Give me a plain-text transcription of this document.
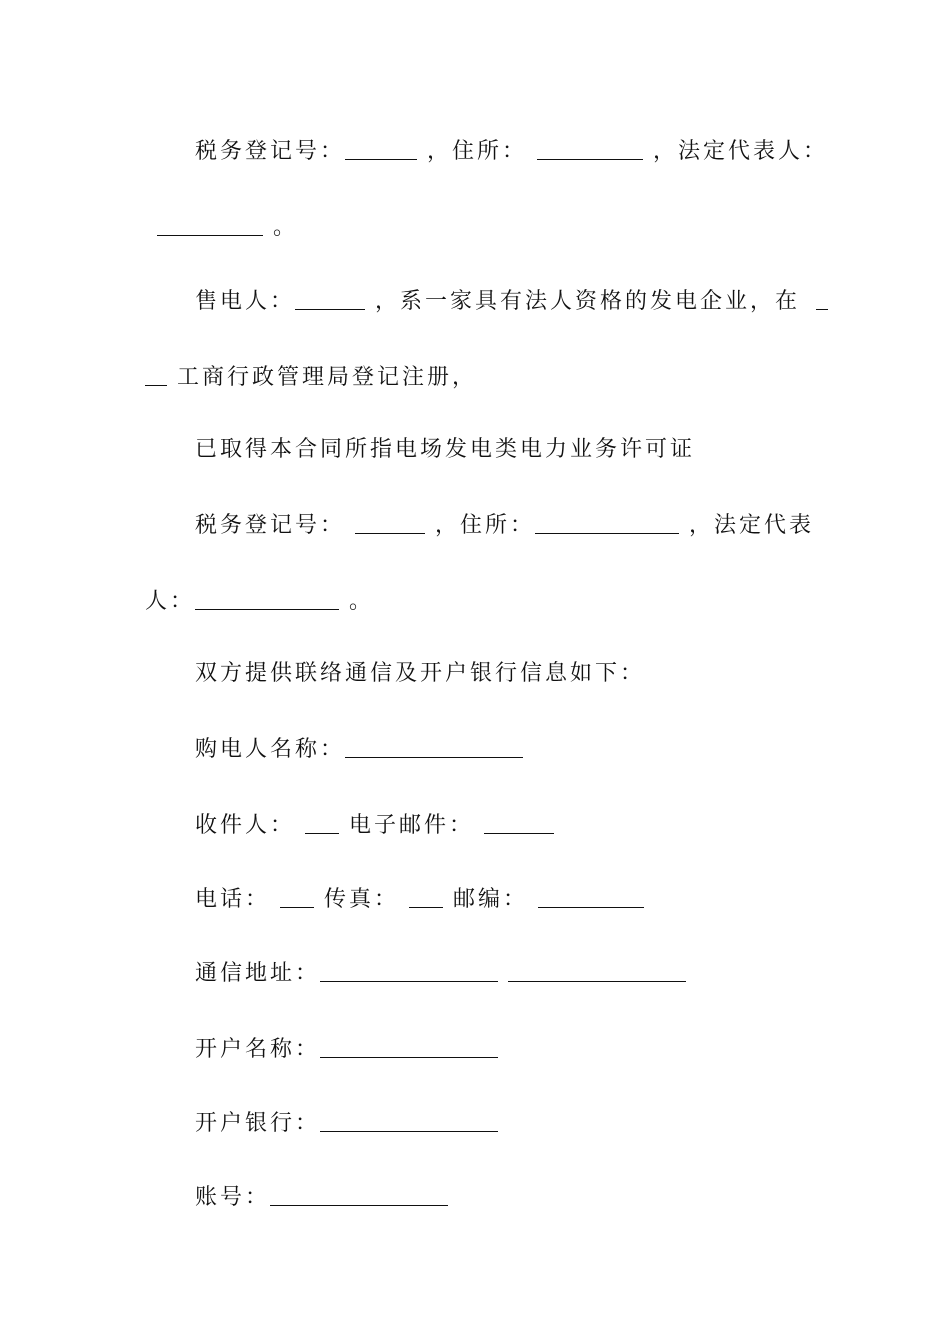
税务登记号：	，住所：	，法定代表人：
。
售电人：	，系一家具有法人资格的发电企业，在
工商行政管理局登记注册，
已取得本合同所指电场发电类电力业务许可证
税务登记号：	，住所：	，法定代表
人：	。
双方提供联络通信及开户银行信息如下：
购电人名称：
收件人： 电子邮件：
电话： 传真： 邮编：
通信地址：
开户名称：
开户银行：
账号：
